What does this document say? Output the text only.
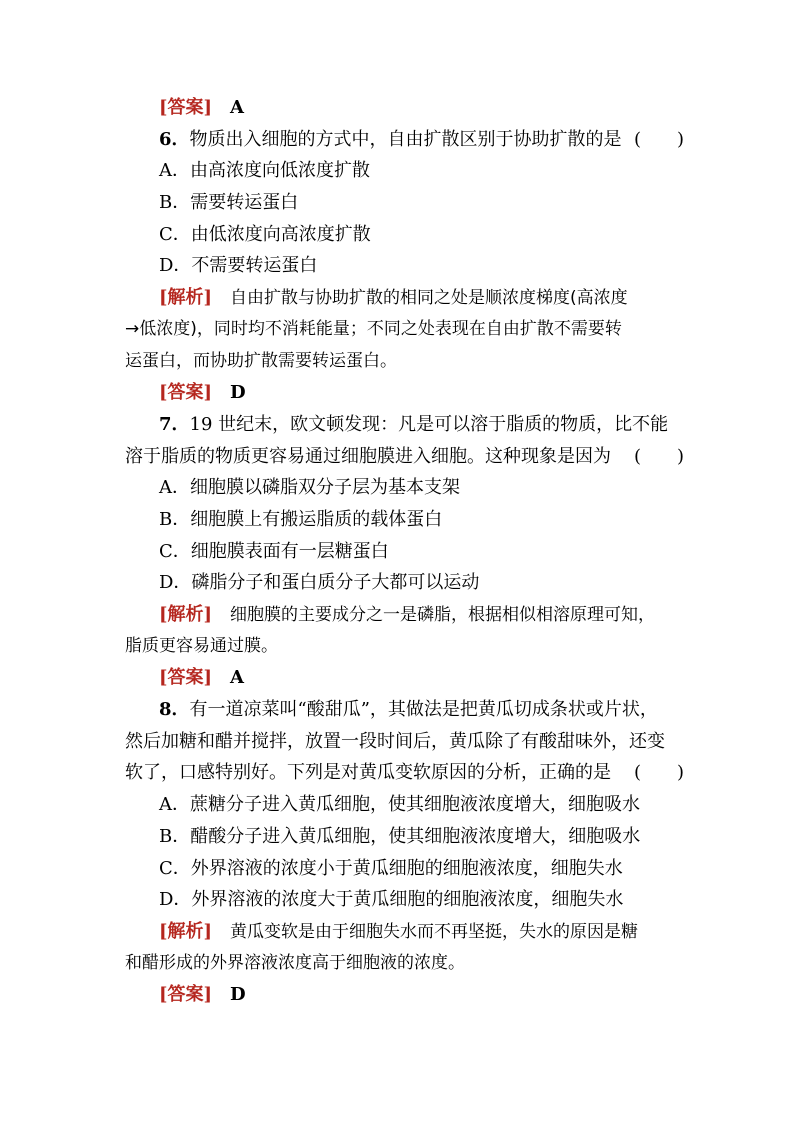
[答案] A
6．物质出入细胞的方式中，自由扩散区别于协助扩散的是 (　　)
A．由高浓度向低浓度扩散
B．需要转运蛋白
C．由低浓度向高浓度扩散
D．不需要转运蛋白
[解析] 自由扩散与协助扩散的相同之处是顺浓度梯度(高浓度
→低浓度)，同时均不消耗能量；不同之处表现在自由扩散不需要转
运蛋白，而协助扩散需要转运蛋白。
[答案] D
7．19 世纪末，欧文顿发现：凡是可以溶于脂质的物质，比不能
溶于脂质的物质更容易通过细胞膜进入细胞。这种现象是因为 (　　)
A．细胞膜以磷脂双分子层为基本支架
B．细胞膜上有搬运脂质的载体蛋白
C．细胞膜表面有一层糖蛋白
D．磷脂分子和蛋白质分子大都可以运动
[解析] 细胞膜的主要成分之一是磷脂，根据相似相溶原理可知，
脂质更容易通过膜。
[答案] A
8．有一道凉菜叫“酸甜瓜”，其做法是把黄瓜切成条状或片状，
然后加糖和醋并搅拌，放置一段时间后，黄瓜除了有酸甜味外，还变
软了，口感特别好。下列是对黄瓜变软原因的分析，正确的是 (　　)
A．蔗糖分子进入黄瓜细胞，使其细胞液浓度增大，细胞吸水
B．醋酸分子进入黄瓜细胞，使其细胞液浓度增大，细胞吸水
C．外界溶液的浓度小于黄瓜细胞的细胞液浓度，细胞失水
D．外界溶液的浓度大于黄瓜细胞的细胞液浓度，细胞失水
[解析] 黄瓜变软是由于细胞失水而不再坚挺，失水的原因是糖
和醋形成的外界溶液浓度高于细胞液的浓度。
[答案] D
